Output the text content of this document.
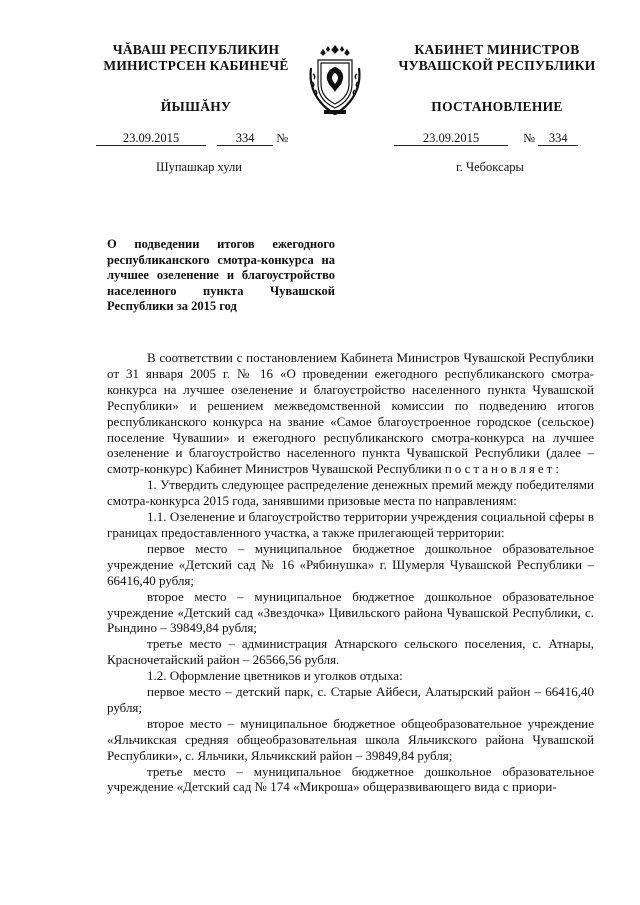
ЧĂВАШ РЕСПУБЛИКИН
МИНИСТРСЕН КАБИНЕЧĚ
КАБИНЕТ МИНИСТРОВ
ЧУВАШСКОЙ РЕСПУБЛИКИ
ЙЫШĂНУ	ПОСТАНОВЛЕНИЕ
23.09.2015	334 №	23.09.2015	№ 334
Шупашкар хули	г. Чебоксары
О подведении итогов ежегодного республиканского смотра-конкурса на лучшее озеленение и благоустройство населенного пункта Чувашской Республики за 2015 год

В соответствии с постановлением Кабинета Министров Чувашской Республики от 31 января 2005 г. № 16 «О проведении ежегодного республиканского смотра-конкурса на лучшее озеленение и благоустройство населенного пункта Чувашской Республики» и решением межведомственной комиссии по подведению итогов республиканского конкурса на звание «Самое благоустроенное городское (сельское) поселение Чувашии» и ежегодного республиканского смотра-конкурса на лучшее озеленение и благоустройство населенного пункта Чувашской Республики (далее – смотр-конкурс) Кабинет Министров Чувашской Республики постановляет:

1. Утвердить следующее распределение денежных премий между победителями смотра-конкурса 2015 года, занявшими призовые места по направлениям:

1.1. Озеленение и благоустройство территории учреждения социальной сферы в границах предоставленного участка, а также прилегающей территории:

первое место – муниципальное бюджетное дошкольное образовательное учреждение «Детский сад № 16 «Рябинушка» г. Шумерля Чувашской Республики – 66416,40 рубля;

второе место – муниципальное бюджетное дошкольное образовательное учреждение «Детский сад «Звездочка» Цивильского района Чувашской Республики, с. Рындино – 39849,84 рубля;

третье место – администрация Атнарского сельского поселения, с. Атнары, Красночетайский район – 26566,56 рубля.

1.2. Оформление цветников и уголков отдыха:

первое место – детский парк, с. Старые Айбеси, Алатырский район – 66416,40 рубля;

второе место – муниципальное бюджетное общеобразовательное учреждение «Яльчикская средняя общеобразовательная школа Яльчикского района Чувашской Республики», с. Яльчики, Яльчикский район – 39849,84 рубля;

третье место – муниципальное бюджетное дошкольное образовательное учреждение «Детский сад № 174 «Микроша» общеразвивающего вида с приори-
